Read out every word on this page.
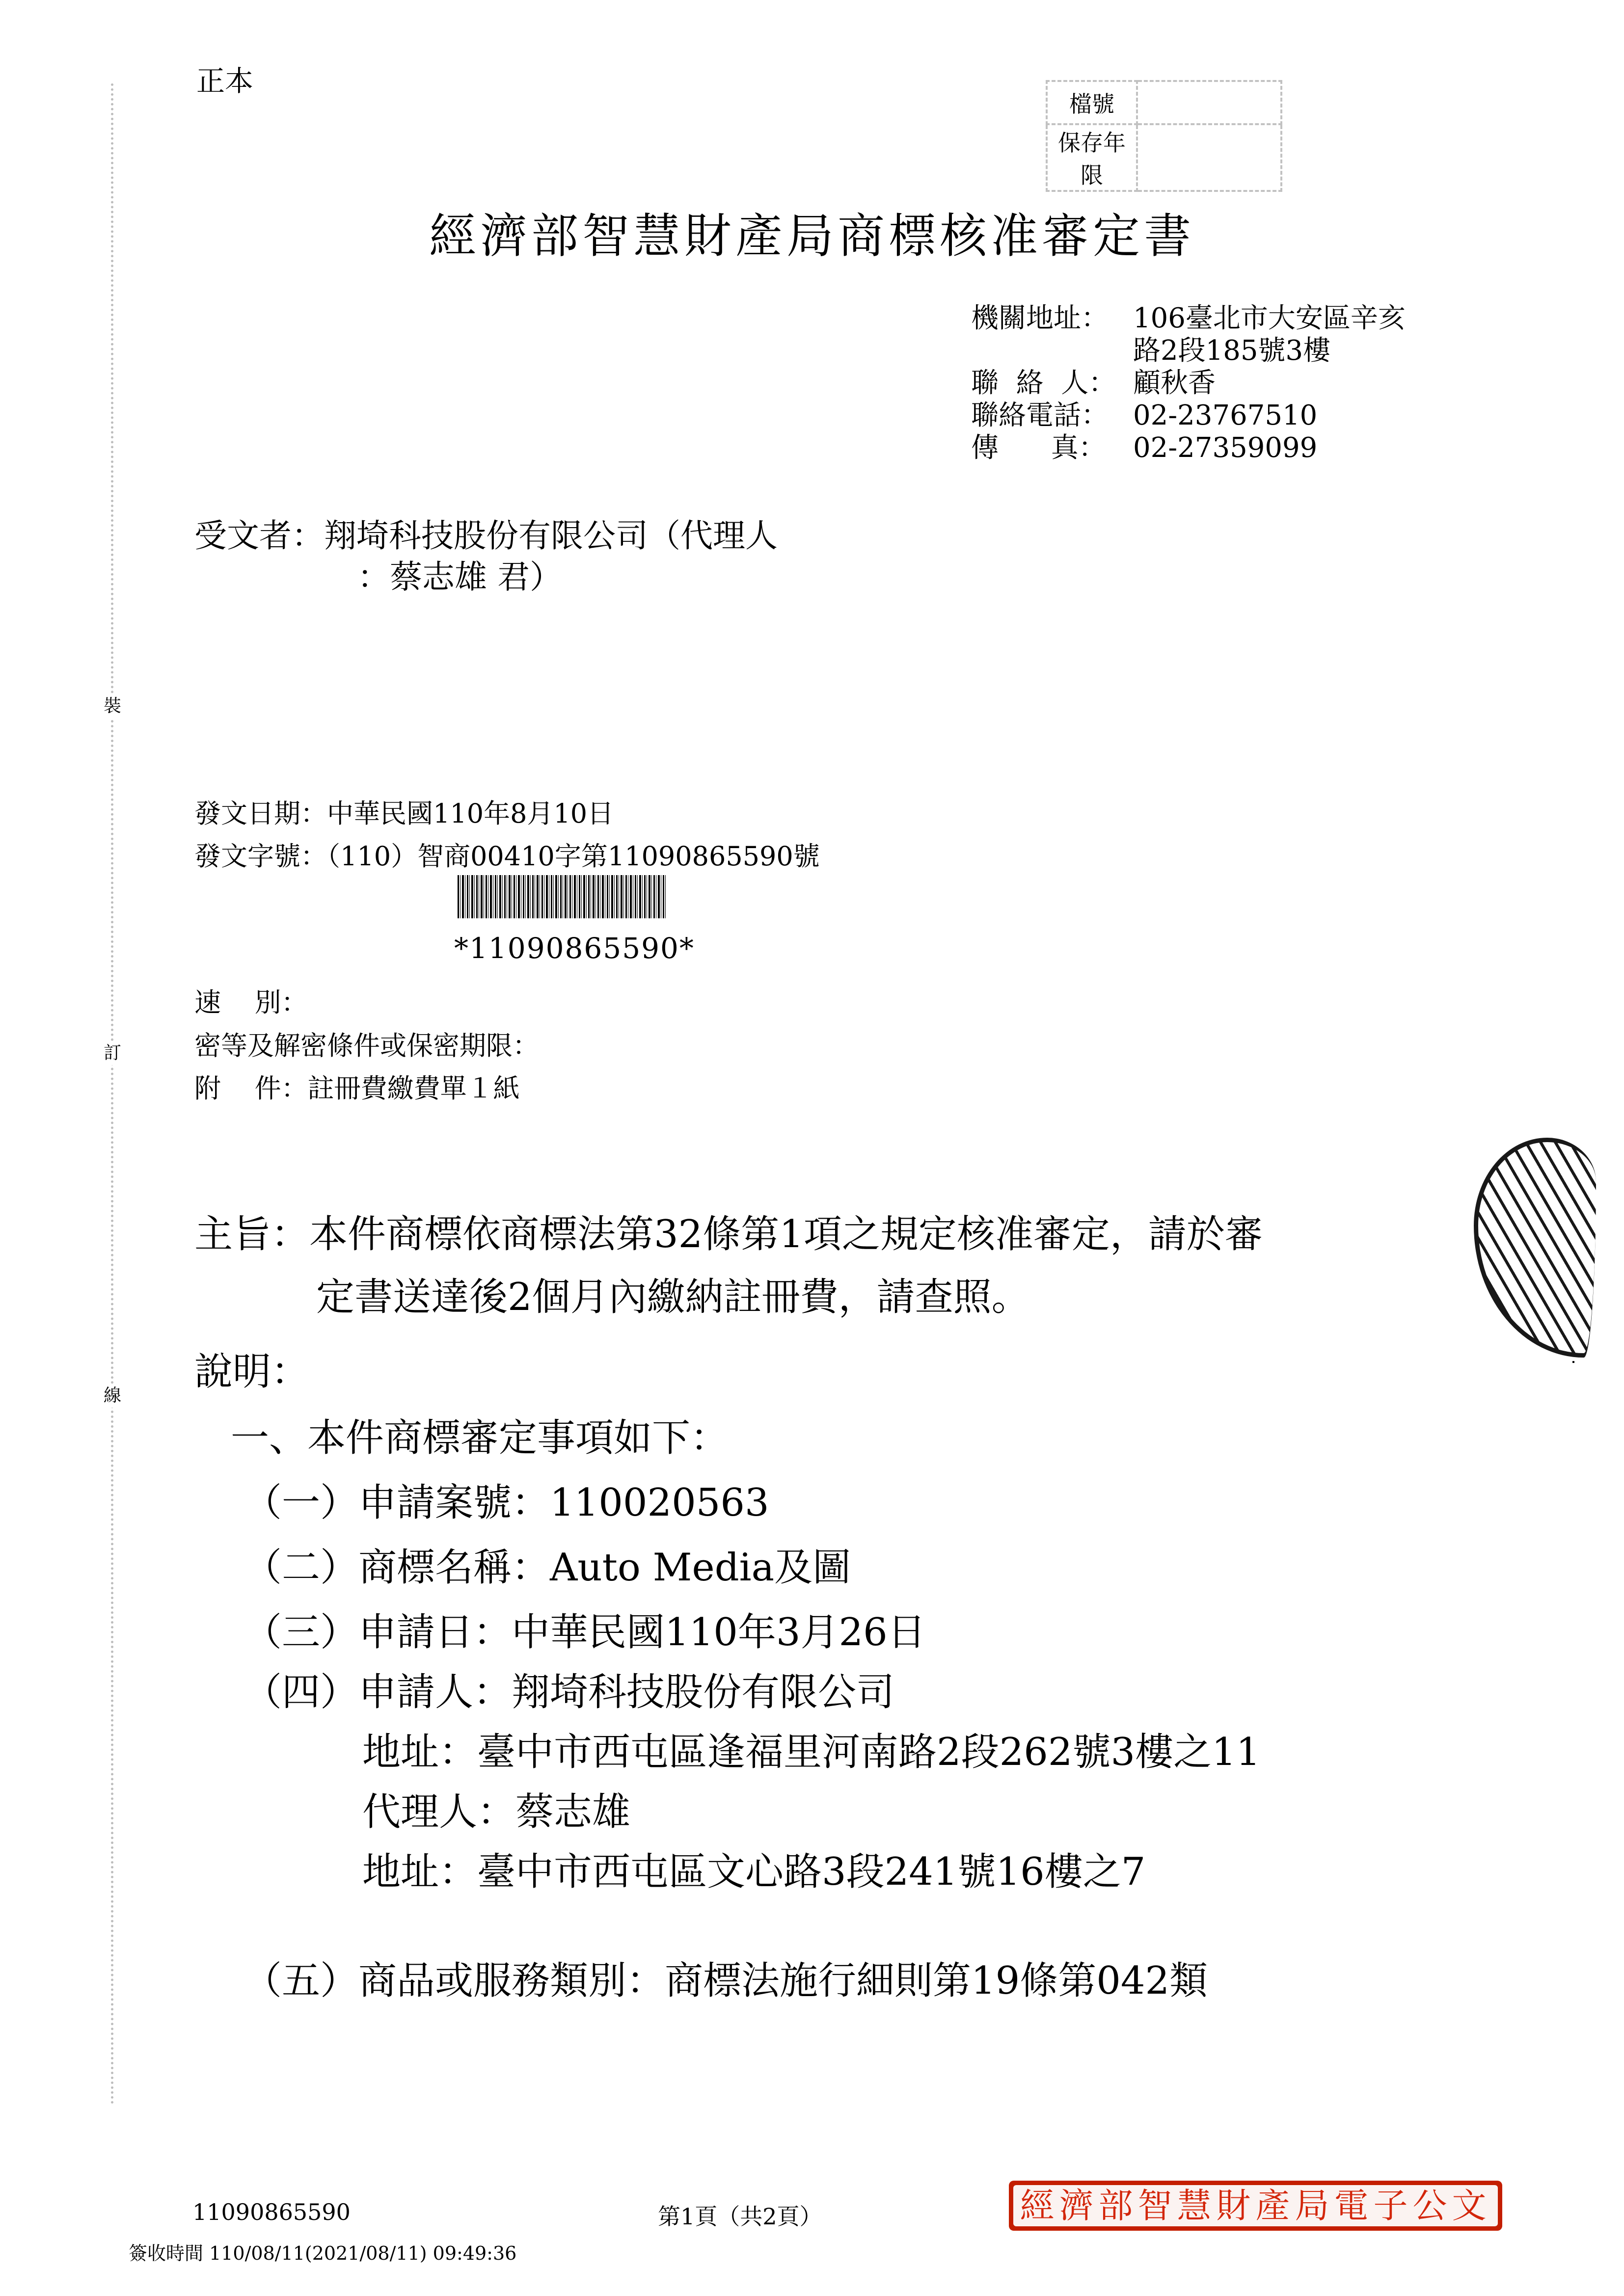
裝
訂
線
正本
檔號	
保存年限	
經濟部智慧財產局商標核准審定書
機關地址： 106臺北市大安區辛亥
路2段185號3樓
聯  絡  人： 顧秋香
聯絡電話： 02-23767510
傳      真： 02-27359099
受文者：翔埼科技股份有限公司（代理人
：蔡志雄 君）
發文日期：中華民國110年8月10日
發文字號：（110）智商00410字第11090865590號
*11090865590*
速    別：
密等及解密條件或保密期限：
附    件：註冊費繳費單１紙
主旨：本件商標依商標法第32條第1項之規定核准審定，請於審
定書送達後2個月內繳納註冊費，請查照。
說明：
一、本件商標審定事項如下：
（一）申請案號：110020563
（二）商標名稱：Auto Media及圖
（三）申請日：中華民國110年3月26日
（四）申請人：翔埼科技股份有限公司
地址：臺中市西屯區逢福里河南路2段262號3樓之11
代理人：蔡志雄
地址：臺中市西屯區文心路3段241號16樓之7
（五）商品或服務類別：商標法施行細則第19條第042類
11090865590	第1頁（共2頁）
簽收時間 110/08/11(2021/08/11) 09:49:36
經濟部智慧財產局電子公文
